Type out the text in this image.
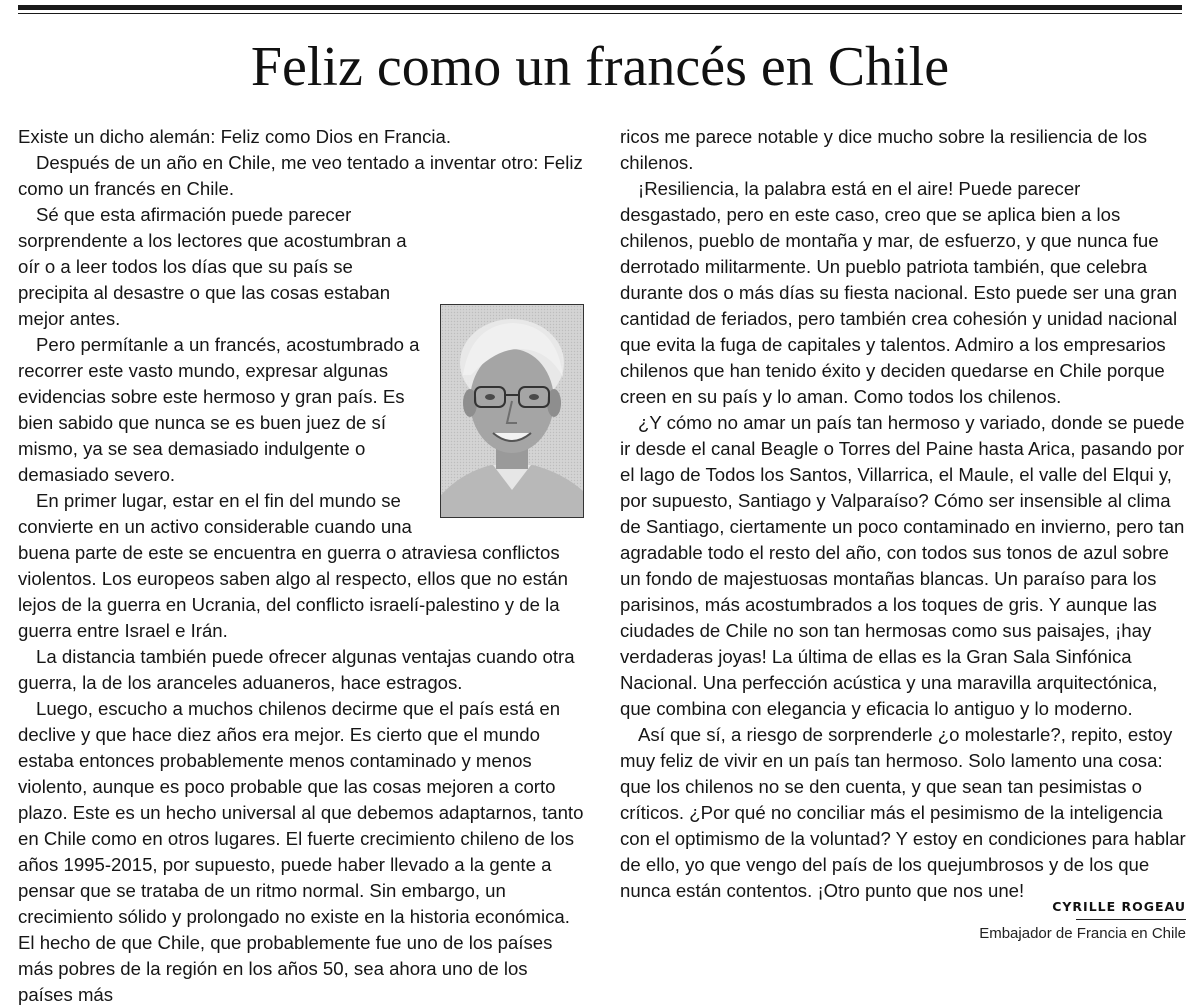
Feliz como un francés en Chile

Existe un dicho alemán: Feliz como Dios en Francia.

Después de un año en Chile, me veo tentado a inventar otro: Feliz como un francés en Chile.

Sé que esta afirmación puede parecer sorprendente a los lectores que acostumbran a oír o a leer todos los días que su país se precipita al desastre o que las cosas estaban mejor antes.

Pero permítanle a un francés, acostumbrado a recorrer este vasto mundo, expresar algunas evidencias sobre este hermoso y gran país. Es bien sabido que nunca se es buen juez de sí mismo, ya se sea demasiado indulgente o demasiado severo.

En primer lugar, estar en el fin del mundo se convierte en un activo considerable cuando una buena parte de este se encuentra en guerra o atraviesa conflictos violentos. Los europeos saben algo al respecto, ellos que no están lejos de la guerra en Ucrania, del conflicto israelí-palestino y de la guerra entre Israel e Irán.

La distancia también puede ofrecer algunas ventajas cuando otra guerra, la de los aranceles aduaneros, hace estragos.

Luego, escucho a muchos chilenos decirme que el país está en declive y que hace diez años era mejor. Es cierto que el mundo estaba entonces probablemente menos contaminado y menos violento, aunque es poco probable que las cosas mejoren a corto plazo. Este es un hecho universal al que debemos adaptarnos, tanto en Chile como en otros lugares. El fuerte crecimiento chileno de los años 1995-2015, por supuesto, puede haber llevado a la gente a pensar que se trataba de un ritmo normal. Sin embargo, un crecimiento sólido y prolongado no existe en la historia económica. El hecho de que Chile, que probablemente fue uno de los países más pobres de la región en los años 50, sea ahora uno de los países más

ricos me parece notable y dice mucho sobre la resiliencia de los chilenos.

¡Resiliencia, la palabra está en el aire! Puede parecer desgastado, pero en este caso, creo que se aplica bien a los chilenos, pueblo de montaña y mar, de esfuerzo, y que nunca fue derrotado militarmente. Un pueblo patriota también, que celebra durante dos o más días su fiesta nacional. Esto puede ser una gran cantidad de feriados, pero también crea cohesión y unidad nacional que evita la fuga de capitales y talentos. Admiro a los empresarios chilenos que han tenido éxito y deciden quedarse en Chile porque creen en su país y lo aman. Como todos los chilenos.

¿Y cómo no amar un país tan hermoso y variado, donde se puede ir desde el canal Beagle o Torres del Paine hasta Arica, pasando por el lago de Todos los Santos, Villarrica, el Maule, el valle del Elqui y, por supuesto, Santiago y Valparaíso? Cómo ser insensible al clima de Santiago, ciertamente un poco contaminado en invierno, pero tan agradable todo el resto del año, con todos sus tonos de azul sobre un fondo de majestuosas montañas blancas. Un paraíso para los parisinos, más acostumbrados a los toques de gris. Y aunque las ciudades de Chile no son tan hermosas como sus paisajes, ¡hay verdaderas joyas! La última de ellas es la Gran Sala Sinfónica Nacional. Una perfección acústica y una maravilla arquitectónica, que combina con elegancia y eficacia lo antiguo y lo moderno.

Así que sí, a riesgo de sorprenderle ¿o molestarle?, repito, estoy muy feliz de vivir en un país tan hermoso. Solo lamento una cosa: que los chilenos no se den cuenta, y que sean tan pesimistas o críticos. ¿Por qué no conciliar más el pesimismo de la inteligencia con el optimismo de la voluntad? Y estoy en condiciones para hablar de ello, yo que vengo del país de los quejumbrosos y de los que nunca están contentos. ¡Otro punto que nos une!

CYRILLE ROGEAU
Embajador de Francia en Chile
